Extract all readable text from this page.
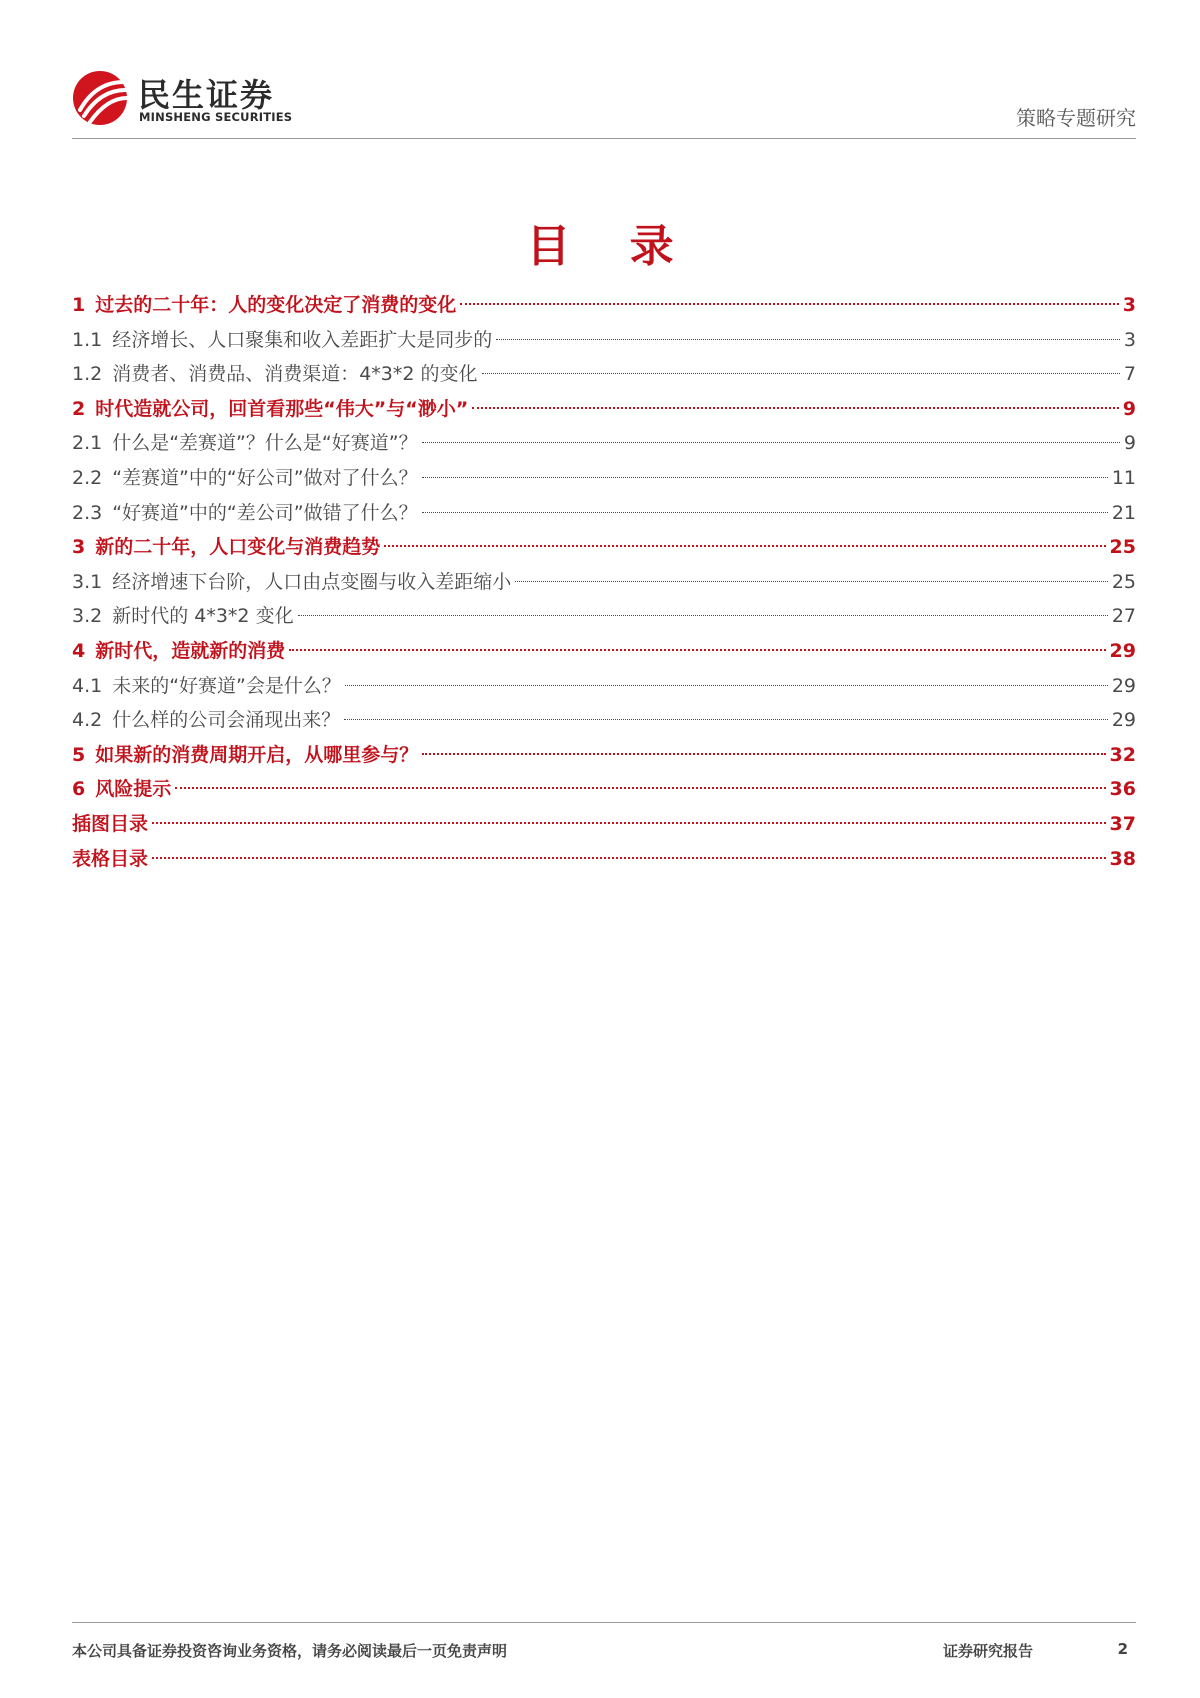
民生证券
MINSHENG SECURITIES	策略专题研究
目 录
1 过去的二十年：人的变化决定了消费的变化	3
1.1 经济增长、人口聚集和收入差距扩大是同步的	3
1.2 消费者、消费品、消费渠道：4*3*2 的变化	7
2 时代造就公司，回首看那些“伟大”与“渺小”	9
2.1 什么是“差赛道”？什么是“好赛道”？	9
2.2 “差赛道”中的“好公司”做对了什么？	11
2.3 “好赛道”中的“差公司”做错了什么？	21
3 新的二十年，人口变化与消费趋势	25
3.1 经济增速下台阶，人口由点变圈与收入差距缩小	25
3.2 新时代的 4*3*2 变化	27
4 新时代，造就新的消费	29
4.1 未来的“好赛道”会是什么？	29
4.2 什么样的公司会涌现出来？	29
5 如果新的消费周期开启，从哪里参与？	32
6 风险提示	36
插图目录	37
表格目录	38
本公司具备证券投资咨询业务资格，请务必阅读最后一页免责声明	证券研究报告	2
